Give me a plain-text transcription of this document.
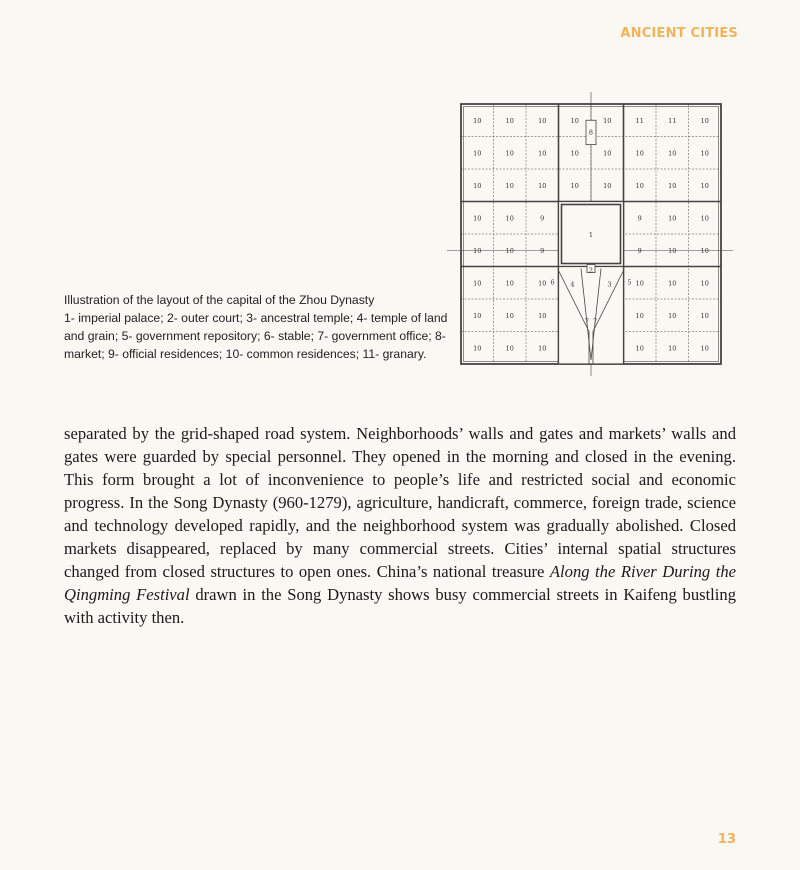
ANCIENT CITIES

Illustration of the layout of the capital of the Zhou Dynasty

1- imperial palace; 2- outer court; 3- ancestral temple; 4- temple of land and grain; 5- government repository; 6- stable; 7- government office; 8- market; 9- official residences; 10- common residences; 11- granary.

10	10	10	10	10	11	11	10
10	10	10	10	10	10	10	10
10	10	10	10	10	10	10	10
10	10	9	9	10	10
10	10	9	9	10	10
10	10	10	10	10	10
10	10	10	10	10	10
10	10	10	10	10	10
8
1
2
4	3
6	5
7 7

separated by the grid-shaped road system. Neighborhoods’ walls and gates and markets’ walls and gates were guarded by special personnel. They opened in the morning and closed in the evening. This form brought a lot of inconvenience to people’s life and restricted social and economic progress. In the Song Dynasty (960-1279), agriculture, handicraft, commerce, foreign trade, science and technology developed rapidly, and the neighborhood system was gradually abolished. Closed markets disappeared, replaced by many commercial streets. Cities’ internal spatial structures changed from closed structures to open ones. China’s national treasure Along the River During the Qingming Festival drawn in the Song Dynasty shows busy commercial streets in Kaifeng bustling with activity then.

13
